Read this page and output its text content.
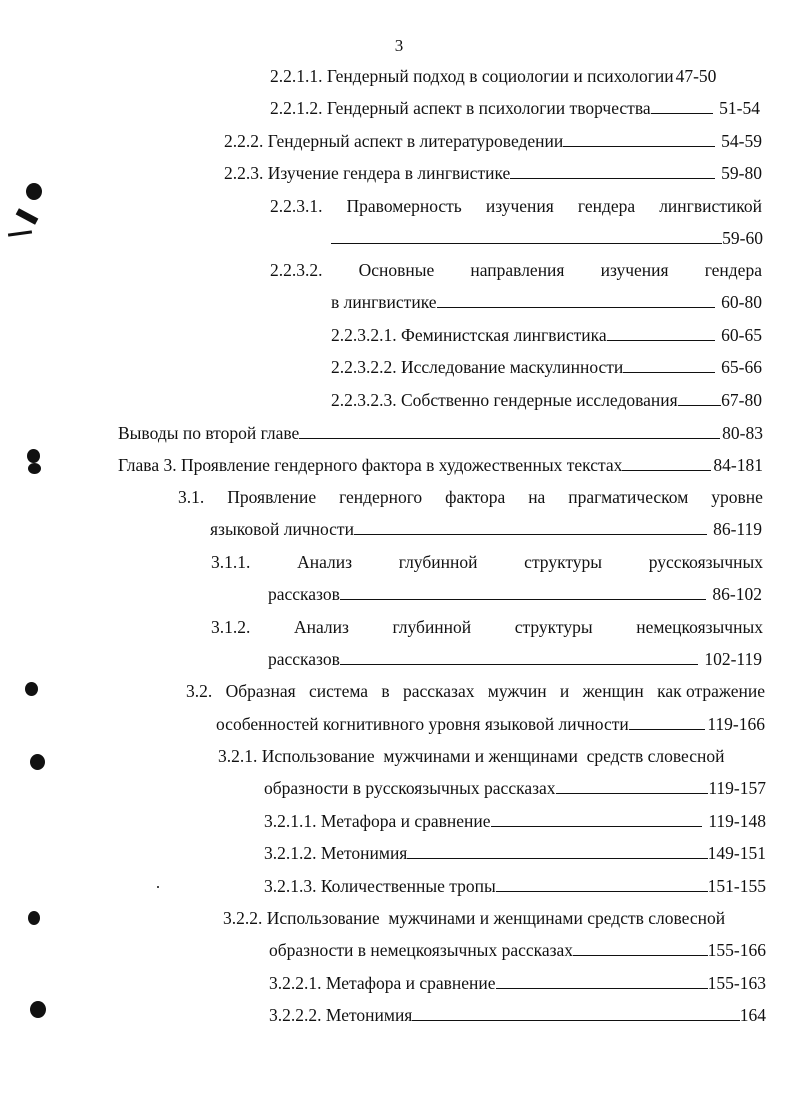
3
2.2.1.1. Гендерный подход в социологии и психологии 47-50
2.2.1.2. Гендерный аспект в психологии творчества	51-54
2.2.2. Гендерный аспект в литературоведении	54-59
2.2.3. Изучение гендера в лингвистике	59-80
2.2.3.1. Правомерность изучения гендера лингвистикой
59-60
2.2.3.2. Основные направления изучения гендера
в лингвистике	60-80
2.2.3.2.1. Феминистская лингвистика	60-65
2.2.3.2.2. Исследование маскулинности	65-66
2.2.3.2.3. Собственно гендерные исследования 67-80
Выводы по второй главе	80-83
Глава 3. Проявление гендерного фактора в художественных текстах	84-181
3.1. Проявление гендерного фактора на прагматическом уровне
языковой личности	86-119
3.1.1.	Анализ	глубинной	структуры	русскоязычных
рассказов	86-102
3.1.2. Анализ глубинной структуры немецкоязычных
рассказов	102-119
3.2. Образная система в рассказах мужчин и женщин как отражение
особенностей когнитивного уровня языковой личности	119-166
3.2.1. Использование  мужчинами и женщинами  средств словесной
образности в русскоязычных рассказах	119-157
3.2.1.1. Метафора и сравнение	119-148
3.2.1.2. Метонимия	149-151
3.2.1.3. Количественные тропы	151-155
3.2.2. Использование  мужчинами и женщинами средств словесной
образности в немецкоязычных рассказах	155-166
3.2.2.1. Метафора и сравнение	155-163
3.2.2.2. Метонимия	164
